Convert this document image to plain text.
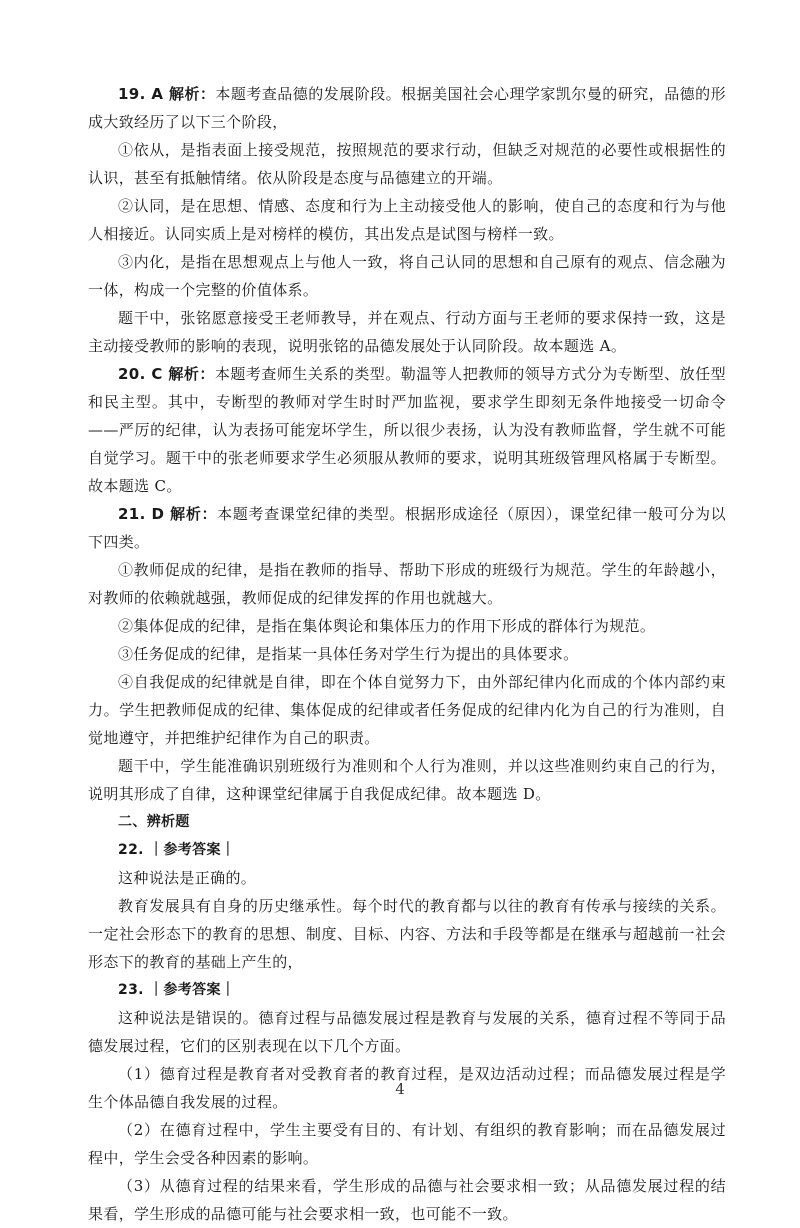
19. A 解析：本题考查品德的发展阶段。根据美国社会心理学家凯尔曼的研究，品德的形成大致经历了以下三个阶段，

①依从，是指表面上接受规范，按照规范的要求行动，但缺乏对规范的必要性或根据性的认识，甚至有抵触情绪。依从阶段是态度与品德建立的开端。

②认同，是在思想、情感、态度和行为上主动接受他人的影响，使自己的态度和行为与他人相接近。认同实质上是对榜样的模仿，其出发点是试图与榜样一致。

③内化，是指在思想观点上与他人一致，将自己认同的思想和自己原有的观点、信念融为一体，构成一个完整的价值体系。

题干中，张铭愿意接受王老师教导，并在观点、行动方面与王老师的要求保持一致，这是主动接受教师的影响的表现，说明张铭的品德发展处于认同阶段。故本题选 A。

20. C 解析：本题考查师生关系的类型。勒温等人把教师的领导方式分为专断型、放任型和民主型。其中，专断型的教师对学生时时严加监视，要求学生即刻无条件地接受一切命令——严厉的纪律，认为表扬可能宠坏学生，所以很少表扬，认为没有教师监督，学生就不可能自觉学习。题干中的张老师要求学生必须服从教师的要求，说明其班级管理风格属于专断型。故本题选 C。

21. D 解析：本题考查课堂纪律的类型。根据形成途径（原因），课堂纪律一般可分为以下四类。

①教师促成的纪律，是指在教师的指导、帮助下形成的班级行为规范。学生的年龄越小，对教师的依赖就越强，教师促成的纪律发挥的作用也就越大。

②集体促成的纪律，是指在集体舆论和集体压力的作用下形成的群体行为规范。

③任务促成的纪律，是指某一具体任务对学生行为提出的具体要求。

④自我促成的纪律就是自律，即在个体自觉努力下，由外部纪律内化而成的个体内部约束力。学生把教师促成的纪律、集体促成的纪律或者任务促成的纪律内化为自己的行为准则，自觉地遵守，并把维护纪律作为自己的职责。

题干中，学生能准确识别班级行为准则和个人行为准则，并以这些准则约束自己的行为，说明其形成了自律，这种课堂纪律属于自我促成纪律。故本题选 D。

二、辨析题

22. ｜参考答案｜

这种说法是正确的。

教育发展具有自身的历史继承性。每个时代的教育都与以往的教育有传承与接续的关系。一定社会形态下的教育的思想、制度、目标、内容、方法和手段等都是在继承与超越前一社会形态下的教育的基础上产生的，

23. ｜参考答案｜

这种说法是错误的。德育过程与品德发展过程是教育与发展的关系，德育过程不等同于品德发展过程，它们的区别表现在以下几个方面。

（1）德育过程是教育者对受教育者的教育过程，是双边活动过程；而品德发展过程是学生个体品德自我发展的过程。

（2）在德育过程中，学生主要受有目的、有计划、有组织的教育影响；而在品德发展过程中，学生会受各种因素的影响。

（3）从德育过程的结果来看，学生形成的品德与社会要求相一致；从品德发展过程的结果看，学生形成的品德可能与社会要求相一致，也可能不一致。

4
